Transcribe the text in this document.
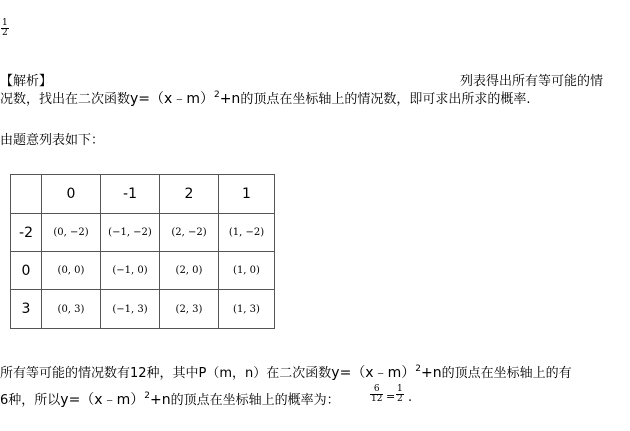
$\frac{1}{2}$
【解析】	列表得出所有等可能的情
况数，找出在二次函数y=（x﹣m）$^2$+n的顶点在坐标轴上的情况数，即可求出所求的概率.
由题意列表如下：
	0	-1	2	1
-2	(0, −2)	(−1, −2)	(2, −2)	(1, −2)
0	(0, 0)	(−1, 0)	(2, 0)	(1, 0)
3	(0, 3)	(−1, 3)	(2, 3)	(1, 3)
所有等可能的情况数有12种，其中P（m，n）在二次函数y=（x﹣m）$^2$+n的顶点在坐标轴上的有
6种，所以y=（x﹣m）$^2$+n的顶点在坐标轴上的概率为：	$\frac{6}{12} = \frac{1}{2}$ .
